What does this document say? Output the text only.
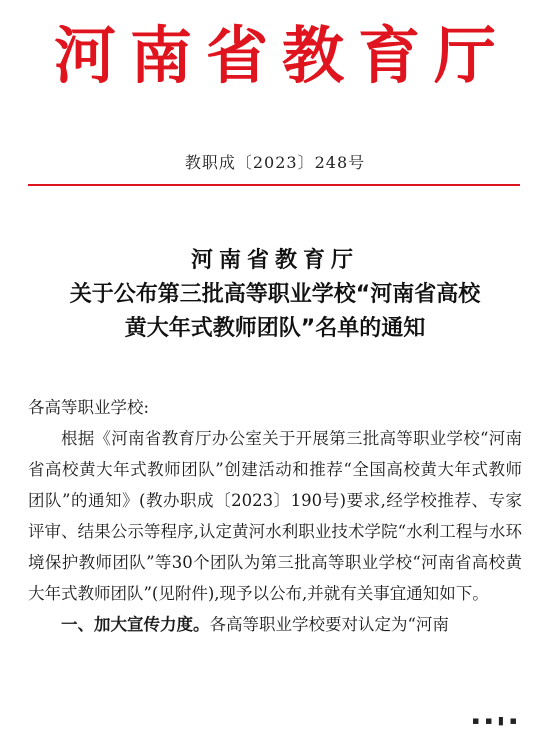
河南省教育厅
教职成〔2023〕248号
河南省教育厅
关于公布第三批高等职业学校“河南省高校
黄大年式教师团队”名单的通知

各高等职业学校:

根据《河南省教育厅办公室关于开展第三批高等职业学校“河南省高校黄大年式教师团队”创建活动和推荐“全国高校黄大年式教师团队”的通知》(教办职成〔2023〕190号)要求,经学校推荐、专家评审、结果公示等程序,认定黄河水利职业技术学院“水利工程与水环境保护教师团队”等30个团队为第三批高等职业学校“河南省高校黄大年式教师团队”(见附件),现予以公布,并就有关事宜通知如下。

一、加大宣传力度。各高等职业学校要对认定为“河南

▪ ▪ ▮ ▪
